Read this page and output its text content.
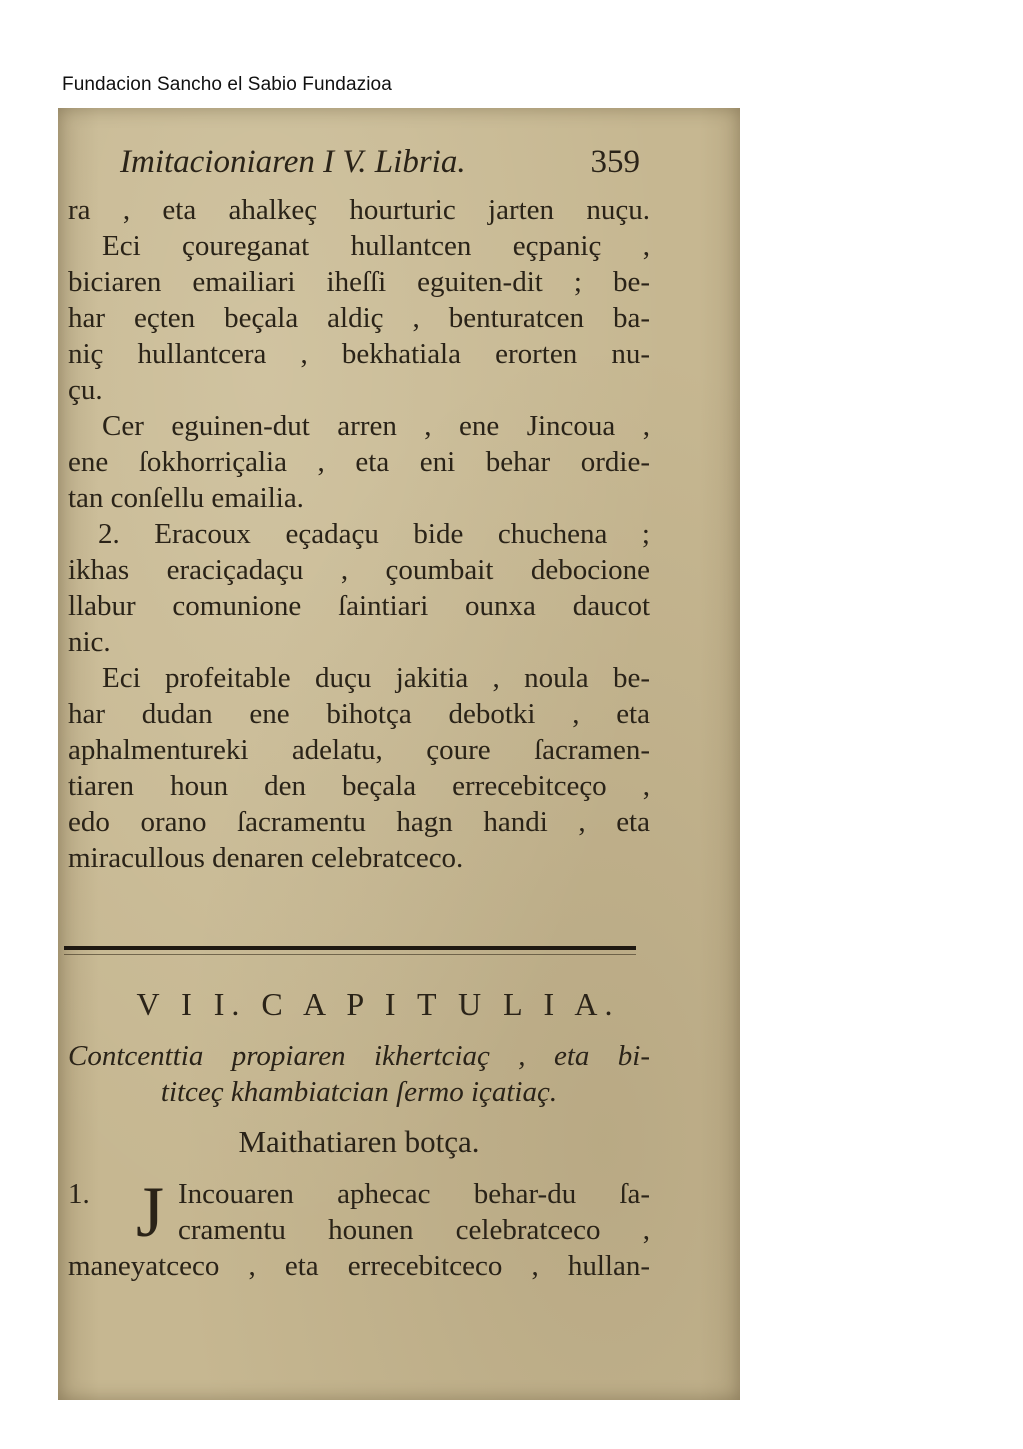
Fundacion Sancho el Sabio Fundazioa
Imitacioniaren I V. Libria.	359
ra , eta ahalkeç hourturic jarten nuçu.
Eci çoureganat hullantcen eçpaniç ,
biciaren emailiari iheſſi eguiten-dit ; be-
har eçten beçala aldiç , benturatcen ba-
niç hullantcera , bekhatiala erorten nu-
çu.
Cer eguinen-dut arren , ene Jincoua ,
ene ſokhorriçalia , eta eni behar ordie-
tan conſellu emailia.
2. Eracoux eçadaçu bide chuchena ;
ikhas eraciçadaçu , çoumbait debocione
llabur comunione ſaintiari ounxa daucot
nic.
Eci profeitable duçu jakitia , noula be-
har dudan ene bihotça debotki , eta
aphalmentureki adelatu, çoure ſacramen-
tiaren houn den beçala errecebitceço ,
edo orano ſacramentu hagn handi , eta
miracullous denaren celebratceco.
V I I. C A P I T U L I A.
Contcenttia propiaren ikhertciaç , eta bi-
titceç khambiatcian ſermo içatiaç.
Maithatiaren botça.
1. J Incouaren aphecac behar-du ſa-
cramentu hounen celebratceco ,
maneyatceco , eta errecebitceco , hullan-
